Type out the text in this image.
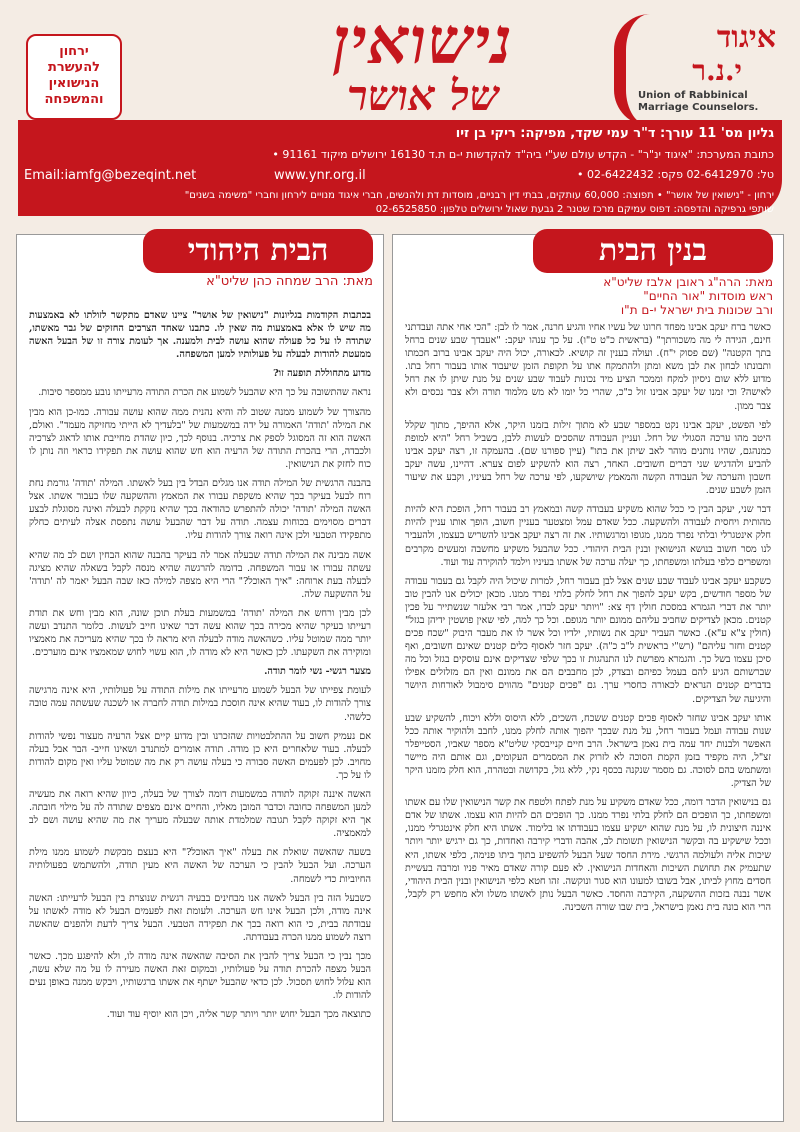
ירחון
להעשרת
הנישואין
והמשפחה
נישואין
של אושר
איגוד
י.נ.ר
Union of Rabbinical Marriage Counselors.
גליון מס' 11 עורך: ד"ר עמי שקד, מפיקה: ריקי בן זיו
כתובת המערכת: "איגוד ינ"ר" - הקדש עולם שע"י ביה"ד להקדשות י-ם ת.ד 16130 ירושלים מיקוד 91161 •
טל: 02-6412970 פקס: 02-6422432 •
www.ynr.org.il
Email:iamfg@bezeqint.net
ירחון - "נישואין של אושר" • תפוצה: 60,000 עותקים, בבתי דין רבניים, מוסדות דת ולהנשים, חברי איגוד מנויים לירחון וחברי "משימה בשנים"
שותפי גרפיקה והדפסה: דפוס עמיקם מרכז שטנר 2 גבעת שאול ירושלים טלפון: 02-6525850
בנין הבית
מאת: הרה"ג ראובן אלבז שליט"א
ראש מוסדות "אור החיים"
ורב שכונות בית ישראל י-ם ת"ו

כאשר ברח יעקב אבינו מפחד חרונו של עשיו אחיו והגיע חרנה, אמר לו לבן: "הכי אחי אתה ועבדתני חינם, הגידה לי מה משכורתך" (בראשית כ"ט ט"ו). על כך ענהו יעקב: "אעבדך שבע שנים ברחל בתך הקטנה" (שם פסוק י"ח). ועולה בענין זה קושיא. לכאורה, יכול היה יעקב אבינו ברוב חכמתו ותבונתו לבחון את לבן משא ומתן ולהתמקח אתו על תקופת הזמן שיעבוד אותו בעבור רחל בתו. מדוע ללא שום ניסיון למקח וממכר הציע מיד נכונות לעבוד שבע שנים על מנת שיתן לו את רחל לאישה? וכי זמנו של יעקב אבינו זול כ"כ, שהרי כל יומו לא מש מלמוד תורה ולא צבר נכסים ולא צבר ממון.

לפי הפשט, יעקב אבינו נקט במספר שבע לא מתוך זילות בזמנו היקר, אלא ההיפך, מתוך שקלל היטב מהו ערכה הסגולי של רחל. ועניין העבודה שהסכים לעשות ללבן, בשביל רחל "היא למופת כמנהגם, שהיו נותנים מוהר לאב שיתן את בתו" (עיין ספורנו שם). בהעמקה זו, רצה יעקב אבינו להביע ולהדגיש שני דברים חשובים. האחד, רצה הוא להשקיע לפום צערא. דהיינו, עשה יעקב חשבון והערכה של העבודה הקשה והמאמץ שיושקעו, לפי ערכה של רחל בעיניו, וקבע את שיעור הזמן לשבע שנים.

דבר שני, יעקב הבין כי ככל שהוא משקיע בעבודה קשה ובמאמץ רב בעבור רחל, הופכת היא להיות מהותית ויחסית לעבודה ולהשקעה. ככל שאדם עמל ומצטער בעניין חשוב, הופך אותו עניין להיות חלק אינטגרלי ובלתי נפרד ממנו, מגופו ומרגשותיו. את זה רצה יעקב אבינו להשריש בעצמו, ולהעביר לנו מסר חשוב בנושא הנישואין ובנין הבית היהודי. ככל שהבעל משקיע מחשבה ומעשים מקרבים ומשפרים כלפי בעלתו ומשפחתו, כך יעלה ערכה של אשתו בעיניו וילמד להוקירה עוד ועוד.

כשקבע יעקב אבינו לעבוד שבע שנים אצל לבן בעבור רחל, למרות שיכול היה לקבל גם בעבור עבודה של מספר חודשים, בקש יעקב להפוך את רחל לחלק בלתי נפרד ממנו. מכאן יכולים אנו להבין טוב יותר את דברי הגמרא במסכת חולין דף צא: "ויותר יעקב לבדו, אמר רבי אלעזר שנשתייר על פכין קטנים. מכאן לצדיקים שחביב עליהם ממונם יותר מגופם. וכל כך למה, לפי שאין פושטין ידיהן בגזל" (חולין צ"א ע"א). כאשר העביר יעקב את נשותיו, ילדיו וכל אשר לו את מעבר היבוק "שכח פכים קטנים וחזר עליהם" (רש"י בראשית ל"ב כ"ה). יעקב חזר לאסוף כלים קטנים שאינם חשובים, ואף סיכן עצמו בשל כך. והגמרא מפרשת לנו התנהגות זו בכך שלפי שצדיקים אינם עוסקים בגזל וכל מה שברשותם הגיע להם בעמל כפיהם ובצדק, לכן מחבבים הם את ממונם ואין הם מזלזלים אפילו בדברים קטנים הנראים לכאורה כחסרי ערך. גם "פכים קטנים" מהווים סימבול לאורחות היושר והיגיעה של הצדיקים.

אותו יעקב אבינו שחזר לאסוף פכים קטנים ששכח, השכים, ללא היסוס וללא ויכוח, להשקיע שבע שנות עבודה ועמל בעבור רחל, על מנת שבכך יהפוך אותה לחלק ממנו, לחבב ולהוקיר אותה ככל האפשר ולבנות יחד עמה בית נאמן בישראל. הרב חיים קנייבסקי שליט"א מספר שאביו, הסטייפלר זצ"ל, היה מקפיד בזמן הקמת הסוכה לא לזרוק את המסמרים העקומים, וגם אותם היה מיישר ומשתמש בהם לסוכה. גם מסמר שנקנה בכסף נקי, ללא גזל, בקדושה ובטהרה, הוא חלק מזמנו היקר של הצדיק.

גם בנישואין הדבר דומה, ככל שאדם משקיע על מנת לפתח ולטפח את קשר הנישואין שלו עם אשתו ומשפחתו, כך הופכים הם לחלק בלתי נפרד ממנו. כך הופכים הם להיות הוא עצמו. אשתו של אדם איננה חיצונית לו, על מנת שהוא ישקיע עצמו בעבודתו או בלימוד. אשתו היא חלק אינטגרלי ממנו, וככל שישקיע בה ובקשר הנישואין תשומת לב, אהבה ודברי קירבה ואחדות, כך גם ירגיש יותר ויותר שיכות אליה ולעולמה הרגשי. מידת החסד שעל הבעל להשפיע בתוך ביתו פנימה, כלפי אשתו, היא שתעמיק את תחושת השיכות והאחדות הנישואין. לא פעם קורה שאדם מאיר פניו ומרבה בעשיית חסדים מחוץ לביתו, אבל בשובו למעונו הוא סגור ונוקשה. זהו חטא כלפי הנישואין ובנין הבית היהודי, אשר נבנה בזכות ההשקעה, הקירבה והחסד. כאשר הבעל נותן לאשתו משלו ולא מחפש רק לקבל, הרי הוא בונה בית נאמן בישראל, בית שבו שורה השכינה.

הבית היהודי
מאת: הרב שמחה כהן שליט"א

בכתבות הקודמות בגליונות "נישואין של אושר" ציינו שאדם מתקשר לזולתו לא באמצעות מה שיש לו אלא באמצעות מה שאין לו. כתבנו שאחד הצרכים החזקים של גבר מאשתו, שתודה לו על כל פעולה שהוא עושה לבית ולמענה. אך לעומת צורה זו של הבעל האשה ממעטת להודות לבעלה על פעולותיו למען המשפחה.

מדוע מתחוללת תופעה זו?

נראה שהתשובה על כך היא שהבעל לשמוע את הכרת התודה מרעייתו נובע ממספר סיבות.

מהצורך של לשמוע ממנה שטוב לה והיא נהנית ממה שהוא עושה עבורה. כמו-כן הוא מבין את המילה 'תודה' האמורה על ידה במשמעות של "בלעדיך לא הייתי מחזיקה מעמד". ואולם, האשה הוא זה המסוגל לספק את צרכיה. בנוסף לכך, כיון שהדת מחייבת אותו לדאוג לצרכיה ולכבדה, הרי בהכרת התודה של הרעיה הוא חש שהוא עושה את תפקידו כראוי וזה נותן לו כוח לחזק את הנישואין.

בהבנה הרגשית של המילה תודה אנו מגלים הבדל בין בעל לאשתו. המילה 'תודה' גורמת נחת רוח לבעל בעיקר בכך שהיא משקפת עבורו את המאמץ וההשקעה שלו בעבור אשתו. אצל האשה המילה 'תודה' יכולה להתפרש כהודאה בכך שהיא נזקקת לבעלה ואינה מסוגלת לבצע דברים מסוימים בכוחות עצמה. תודה על דבר שהבעל עושה נתפסת אצלה לעיתים כחלק מתפקידו הטבעי ולכן אינה רואה צורך להודות עליו.

אשה מבינה את המילה תודה שבעלה אמר לה בעיקר בהבנה שהוא הבחין ושם לב מה שהיא עשתה עבורו או עבור המשפחה. בדומה להרגשה שהיא מנסה לקבל בשאלה שהיא מציגה לבעלה בעת ארוחה: "איך האוכל?" הרי היא מצפה למילה כאז שבה הבעל יאמר לה 'תודה' על ההשקעה שלה.

לכן מבין ורחש את המילה 'תודה' במשמעות בעלת תוכן שונה, הוא מבין וחש את תודת רעייתו בעיקר שהיא מכירה בכך שהוא עשה דבר שאינו חייב לעשות. כלומר התנדב ועשה יותר ממה שמוטל עליו. כשהאשה מודה לבעלה היא מראה לו בכך שהיא מעריכה את מאמציו ומוקירה את השקעתו. לכן כאשר היא לא מודה לו, הוא עשוי לחוש שמאמציו אינם מוערכים.

מצער רגשי- נשי לומר תודה.

לעומת צפייתו של הבעל לשמוע מרעייתו את מילות התודה על פעולותיו, היא אינה מרגישה צורך להודות לו, בעוד שהיא אינה חוסכת במילות תודה לחברה או לשכנה שעשתה עמה טובה כלשהי.

אם נעמיק חשוב על ההתלבטויות שהזכרנו ובין מדוע קיים אצל הרעיה מעצור נפשי להודות לבעלה. בעוד שלאחרים היא כן מודה. תודה אומרים למתנדב ושאינו חייב- הבר אבל בעלה מחויב. לכן לפעמים האשה סבורה כי בעלה עושה רק את מה שמוטל עליו ואין מקום להודות לו על כך.

האשה איננה זקוקה לתודה במשמעות דומה לצורך של בעלה, כיוון שהיא רואה את מעשיה למען המשפחה כחובה וכדבר המובן מאליו, והחיים אינם מצפים שתודה לה על מילוי חובתה. אך היא זקוקה לקבל תגובה שמלמדת אותה שבעלה מעריך את מה שהיא עושה ושם לב למאמציה.

בשעה שהאשה שואלת את בעלה "איך האוכל?" היא בעצם מבקשת לשמוע ממנו מילת הערכה. ועל הבעל להבין כי הערכה של האשה היא מעין תודה, ולהשתמש בפעולותיה החיוביות כדי לשמחה.

כשבעל הזה בין הבעל לאשה אנו מבחינים בבעיה רגשית שנוצרת בין הבעל לרעייתו: האשה אינה מודה, ולכן הבעל אינו חש הערכה. ולעומת זאת לפעמים הבעל לא מודה לאשתו על עבודתה בבית, כי הוא רואה בכך את תפקידה הטבעי. הבעל צריך לדעת ולהפנים שהאשה רוצה לשמוע ממנו הכרה בעבודתה.

מכך נבין כי הבעל צריך להבין את הסיבה שהאשה אינה מודה לו, ולא להיפגע מכך. כאשר הבעל מצפה להכרת תודה על פעולותיו, ובמקום זאת האשה מעירה לו על מה שלא עשה, הוא עלול לחוש תסכול. לכן כדאי שהבעל ישתף את אשתו ברגשותיו, ויבקש ממנה באופן נעים להודות לו.

כתוצאה מכך הבעל יחוש יותר ויותר קשר אליה, ויכן הוא יוסיף עוד ועוד.
